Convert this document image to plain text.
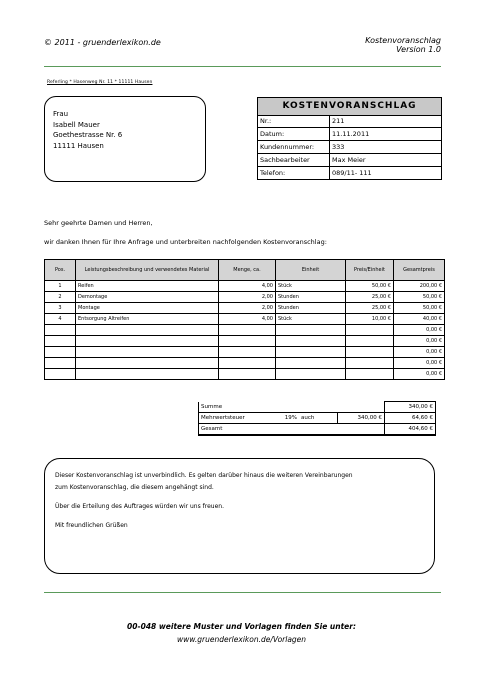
© 2011 - gruenderlexikon.de	Kostenvoranschlag
Version 1.0
Referling * Hasenweg Nr. 11 * 11111 Hausen
Frau
Isabell Mauer
Goethestrasse Nr. 6
11111 Hausen
KOSTENVORANSCHLAG
Nr.:	211
Datum:	11.11.2011
Kundennummer:	333
Sachbearbeiter	Max Meier
Telefon:	089/11- 111
Sehr geehrte Damen und Herren,
wir danken Ihnen für Ihre Anfrage und unterbreiten nachfolgenden Kostenvoranschlag:
Pos.	Leistungsbeschreibung und verwendetes Material	Menge, ca.	Einheit	Preis/Einheit	Gesamtpreis
1	Reifen	4,00	Stück	50,00 €	200,00 €
2	Demontage	2,00	Stunden	25,00 €	50,00 €
3	Montage	2,00	Stunden	25,00 €	50,00 €
4	Entsorgung Altreifen	4,00	Stück	10,00 €	40,00 €
					0,00 €
					0,00 €
					0,00 €
					0,00 €
					0,00 €
Summe			340,00 €
Mehrwertsteuer 19%	auch	340,00 €	64,60 €
Gesamt			404,60 €
Dieser Kostenvoranschlag ist unverbindlich. Es gelten darüber hinaus die weiteren Vereinbarungen
zum Kostenvoranschlag, die diesem angehängt sind.
Über die Erteilung des Auftrages würden wir uns freuen.
Mit freundlichen Grüßen
00-048 weitere Muster und Vorlagen finden Sie unter:
www.gruenderlexikon.de/Vorlagen
